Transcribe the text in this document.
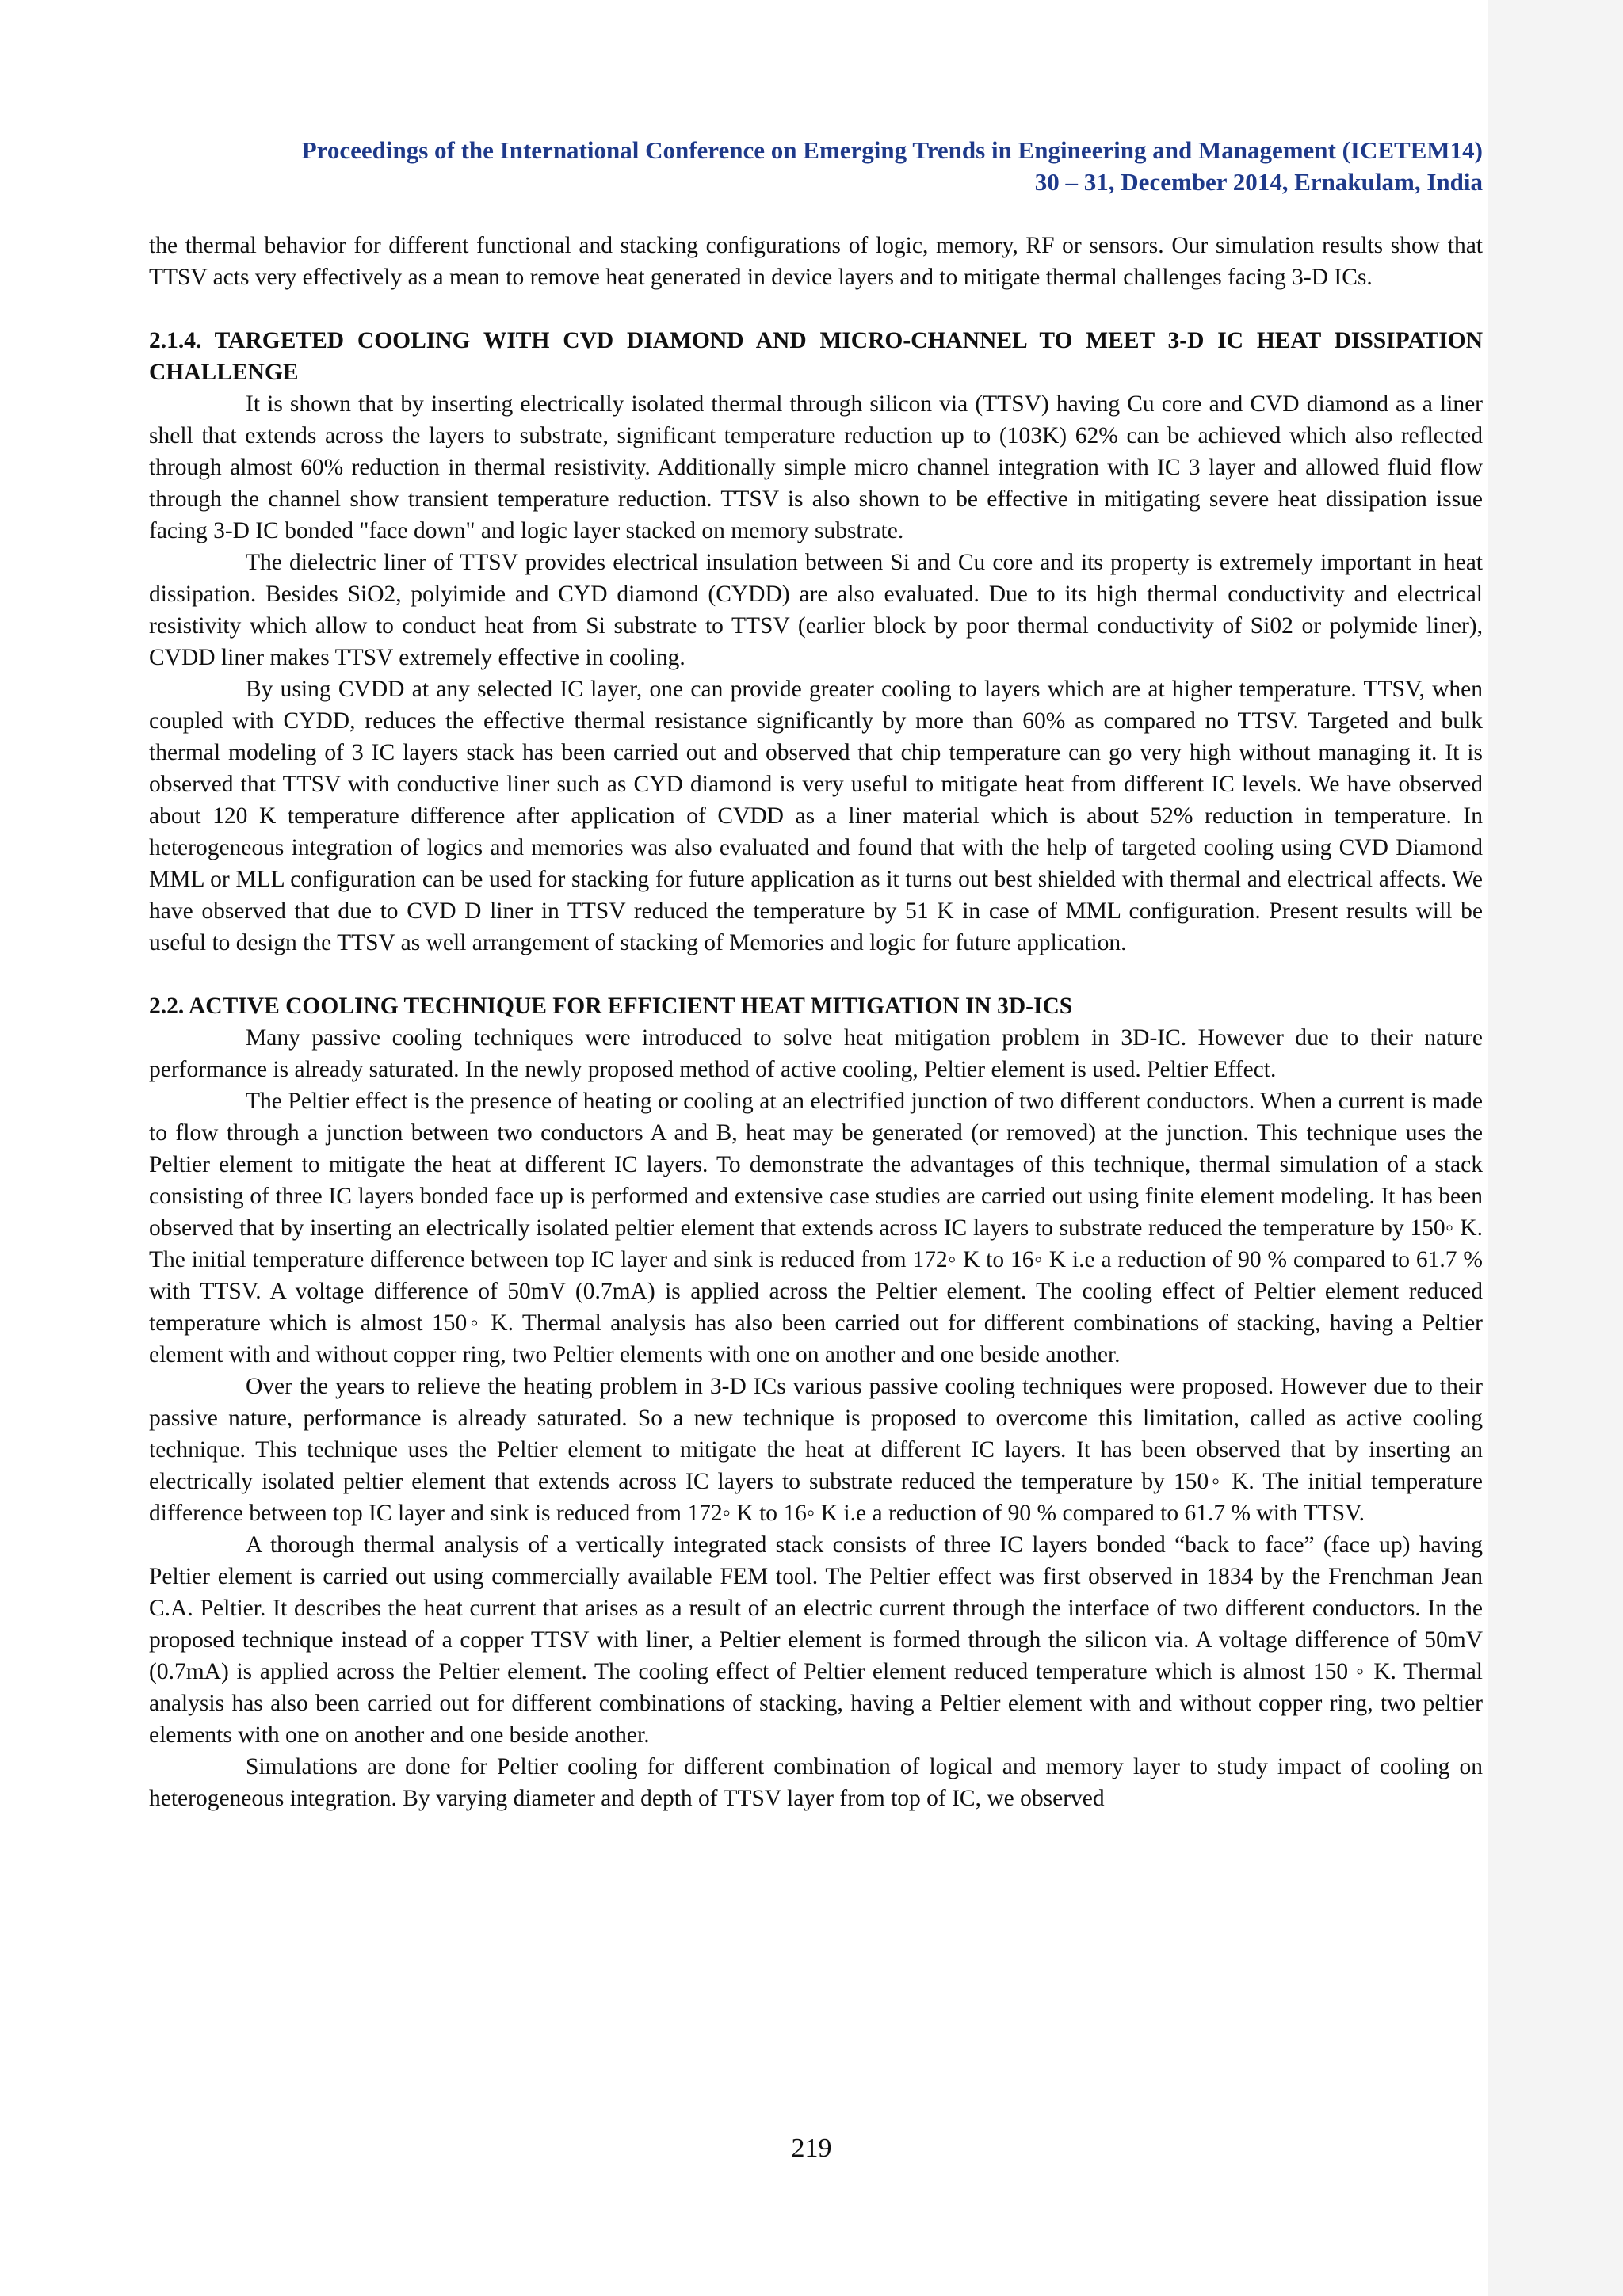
Proceedings of the International Conference on Emerging Trends in Engineering and Management (ICETEM14)
30 – 31, December 2014, Ernakulam, India

the thermal behavior for different functional and stacking configurations of logic, memory, RF or sensors. Our simulation results show that TTSV acts very effectively as a mean to remove heat generated in device layers and to mitigate thermal challenges facing 3-D ICs.

2.1.4. TARGETED COOLING WITH CVD DIAMOND AND MICRO-CHANNEL TO MEET 3-D IC HEAT DISSIPATION CHALLENGE

It is shown that by inserting electrically isolated thermal through silicon via (TTSV) having Cu core and CVD diamond as a liner shell that extends across the layers to substrate, significant temperature reduction up to (103K) 62% can be achieved which also reflected through almost 60% reduction in thermal resistivity. Additionally simple micro channel integration with IC 3 layer and allowed fluid flow through the channel show transient temperature reduction. TTSV is also shown to be effective in mitigating severe heat dissipation issue facing 3-D IC bonded "face down" and logic layer stacked on memory substrate.

The dielectric liner of TTSV provides electrical insulation between Si and Cu core and its property is extremely important in heat dissipation. Besides SiO2, polyimide and CYD diamond (CYDD) are also evaluated. Due to its high thermal conductivity and electrical resistivity which allow to conduct heat from Si substrate to TTSV (earlier block by poor thermal conductivity of Si02 or polymide liner), CVDD liner makes TTSV extremely effective in cooling.

By using CVDD at any selected IC layer, one can provide greater cooling to layers which are at higher temperature. TTSV, when coupled with CYDD, reduces the effective thermal resistance significantly by more than 60% as compared no TTSV. Targeted and bulk thermal modeling of 3 IC layers stack has been carried out and observed that chip temperature can go very high without managing it. It is observed that TTSV with conductive liner such as CYD diamond is very useful to mitigate heat from different IC levels. We have observed about 120 K temperature difference after application of CVDD as a liner material which is about 52% reduction in temperature. In heterogeneous integration of logics and memories was also evaluated and found that with the help of targeted cooling using CVD Diamond MML or MLL configuration can be used for stacking for future application as it turns out best shielded with thermal and electrical affects. We have observed that due to CVD D liner in TTSV reduced the temperature by 51 K in case of MML configuration. Present results will be useful to design the TTSV as well arrangement of stacking of Memories and logic for future application.

2.2. ACTIVE COOLING TECHNIQUE FOR EFFICIENT HEAT MITIGATION IN 3D-ICS

Many passive cooling techniques were introduced to solve heat mitigation problem in 3D-IC. However due to their nature performance is already saturated. In the newly proposed method of active cooling, Peltier element is used. Peltier Effect.

The Peltier effect is the presence of heating or cooling at an electrified junction of two different conductors. When a current is made to flow through a junction between two conductors A and B, heat may be generated (or removed) at the junction. This technique uses the Peltier element to mitigate the heat at different IC layers. To demonstrate the advantages of this technique, thermal simulation of a stack consisting of three IC layers bonded face up is performed and extensive case studies are carried out using finite element modeling. It has been observed that by inserting an electrically isolated peltier element that extends across IC layers to substrate reduced the temperature by 150◦ K. The initial temperature difference between top IC layer and sink is reduced from 172◦ K to 16◦ K i.e a reduction of 90 % compared to 61.7 % with TTSV. A voltage difference of 50mV (0.7mA) is applied across the Peltier element. The cooling effect of Peltier element reduced temperature which is almost 150◦ K. Thermal analysis has also been carried out for different combinations of stacking, having a Peltier element with and without copper ring, two Peltier elements with one on another and one beside another.

Over the years to relieve the heating problem in 3-D ICs various passive cooling techniques were proposed. However due to their passive nature, performance is already saturated. So a new technique is proposed to overcome this limitation, called as active cooling technique. This technique uses the Peltier element to mitigate the heat at different IC layers. It has been observed that by inserting an electrically isolated peltier element that extends across IC layers to substrate reduced the temperature by 150◦ K. The initial temperature difference between top IC layer and sink is reduced from 172◦ K to 16◦ K i.e a reduction of 90 % compared to 61.7 % with TTSV.

A thorough thermal analysis of a vertically integrated stack consists of three IC layers bonded “back to face” (face up) having Peltier element is carried out using commercially available FEM tool. The Peltier effect was first observed in 1834 by the Frenchman Jean C.A. Peltier. It describes the heat current that arises as a result of an electric current through the interface of two different conductors. In the proposed technique instead of a copper TTSV with liner, a Peltier element is formed through the silicon via. A voltage difference of 50mV (0.7mA) is applied across the Peltier element. The cooling effect of Peltier element reduced temperature which is almost 150 ◦ K. Thermal analysis has also been carried out for different combinations of stacking, having a Peltier element with and without copper ring, two peltier elements with one on another and one beside another.

Simulations are done for Peltier cooling for different combination of logical and memory layer to study impact of cooling on heterogeneous integration. By varying diameter and depth of TTSV layer from top of IC, we observed

219
